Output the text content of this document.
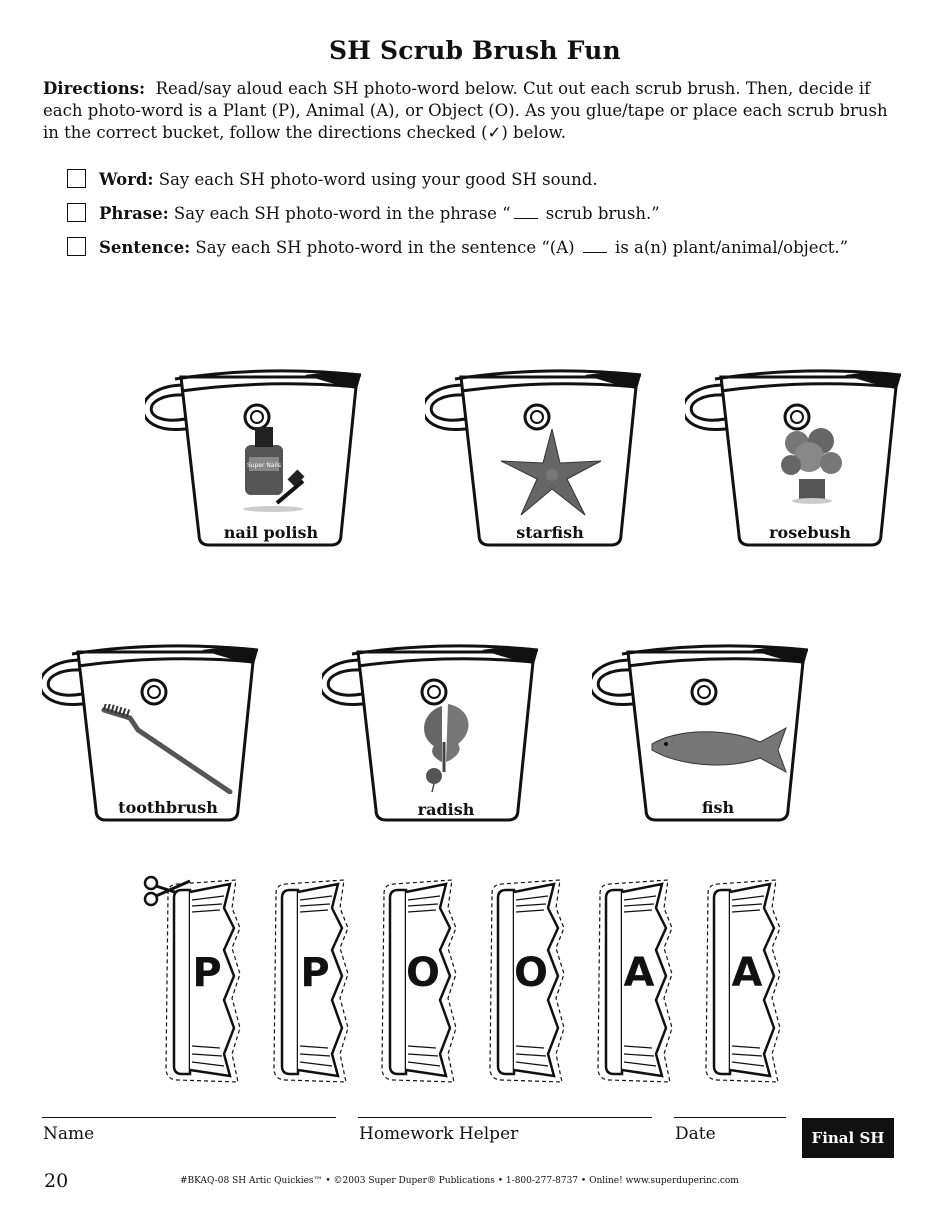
SH Scrub Brush Fun
Directions: Read/say aloud each SH photo-word below. Cut out each scrub brush. Then, decide if each photo-word is a Plant (P), Animal (A), or Object (O). As you glue/tape or place each scrub brush in the correct bucket, follow the directions checked (✓) below.
Word: Say each SH photo-word using your good SH sound.
Phrase: Say each SH photo-word in the phrase “ scrub brush.”
Sentence: Say each SH photo-word in the sentence “(A)  is a(n) plant/animal/object.”
Super Nails
nail polish	starfish	rosebush
toothbrush	radish	fish
P P O O A A
Name	Homework Helper	Date	Final SH
20	#BKAQ-08 SH Artic Quickies™ • ©2003 Super Duper® Publications • 1-800-277-8737 • Online! www.superduperinc.com
